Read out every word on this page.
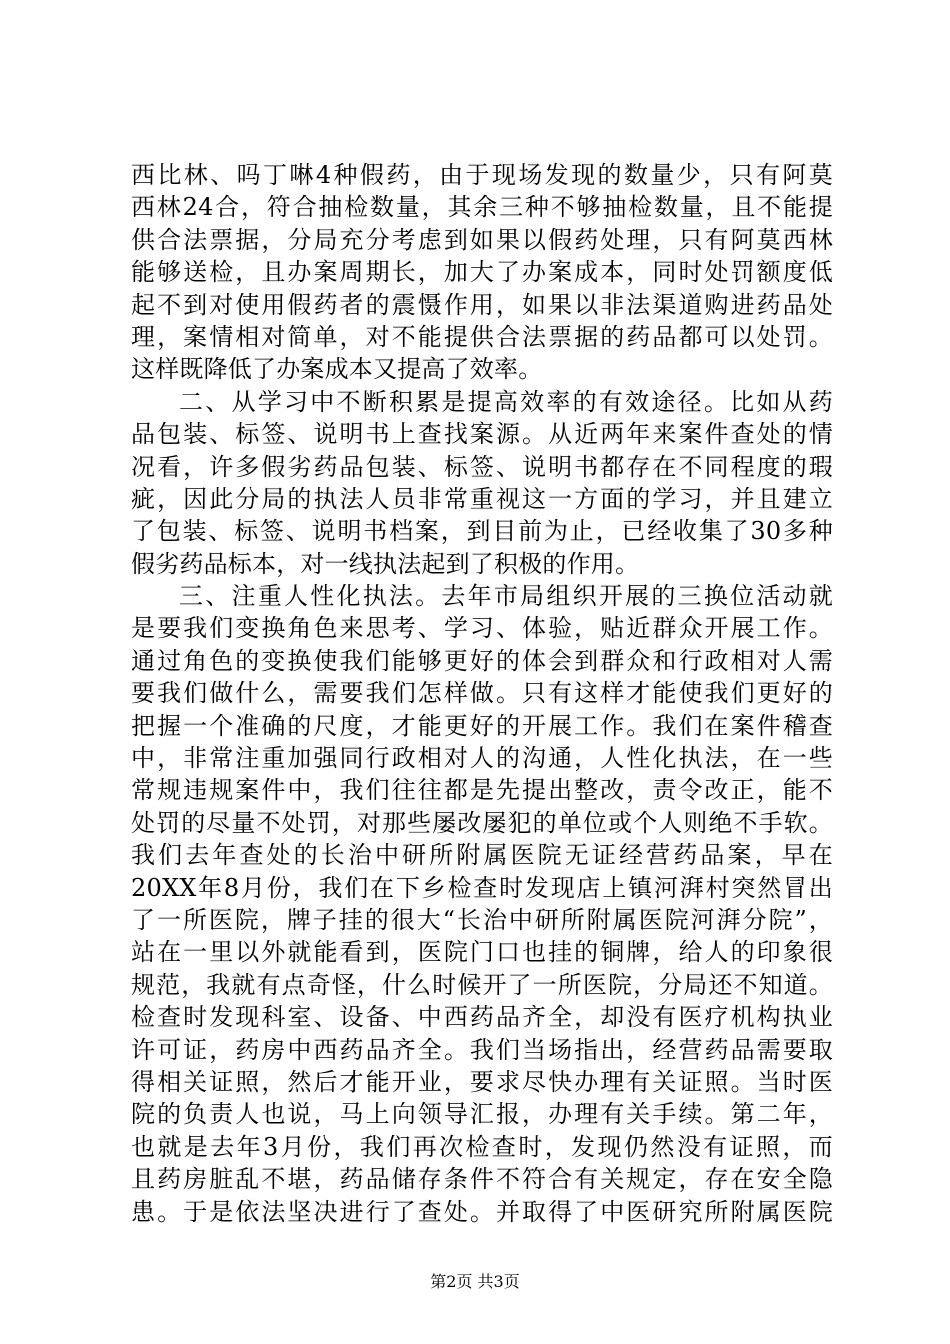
西比林、吗丁啉4种假药，由于现场发现的数量少，只有阿莫
西林24合，符合抽检数量，其余三种不够抽检数量，且不能提
供合法票据，分局充分考虑到如果以假药处理，只有阿莫西林
能够送检，且办案周期长，加大了办案成本，同时处罚额度低
起不到对使用假药者的震慑作用，如果以非法渠道购进药品处
理，案情相对简单，对不能提供合法票据的药品都可以处罚。
这样既降低了办案成本又提高了效率。
二、从学习中不断积累是提高效率的有效途径。比如从药
品包装、标签、说明书上查找案源。从近两年来案件查处的情
况看，许多假劣药品包装、标签、说明书都存在不同程度的瑕
疵，因此分局的执法人员非常重视这一方面的学习，并且建立
了包装、标签、说明书档案，到目前为止，已经收集了30多种
假劣药品标本，对一线执法起到了积极的作用。
三、注重人性化执法。去年市局组织开展的三换位活动就
是要我们变换角色来思考、学习、体验，贴近群众开展工作。
通过角色的变换使我们能够更好的体会到群众和行政相对人需
要我们做什么，需要我们怎样做。只有这样才能使我们更好的
把握一个准确的尺度，才能更好的开展工作。我们在案件稽查
中，非常注重加强同行政相对人的沟通，人性化执法，在一些
常规违规案件中，我们往往都是先提出整改，责令改正，能不
处罚的尽量不处罚，对那些屡改屡犯的单位或个人则绝不手软。
我们去年查处的长治中研所附属医院无证经营药品案，早在
20XX年8月份，我们在下乡检查时发现店上镇河湃村突然冒出
了一所医院，牌子挂的很大“长治中研所附属医院河湃分院”，
站在一里以外就能看到，医院门口也挂的铜牌，给人的印象很
规范，我就有点奇怪，什么时候开了一所医院，分局还不知道。
检查时发现科室、设备、中西药品齐全，却没有医疗机构执业
许可证，药房中西药品齐全。我们当场指出，经营药品需要取
得相关证照，然后才能开业，要求尽快办理有关证照。当时医
院的负责人也说，马上向领导汇报，办理有关手续。第二年，
也就是去年3月份，我们再次检查时，发现仍然没有证照，而
且药房脏乱不堪，药品储存条件不符合有关规定，存在安全隐
患。于是依法坚决进行了查处。并取得了中医研究所附属医院
第2页 共3页
